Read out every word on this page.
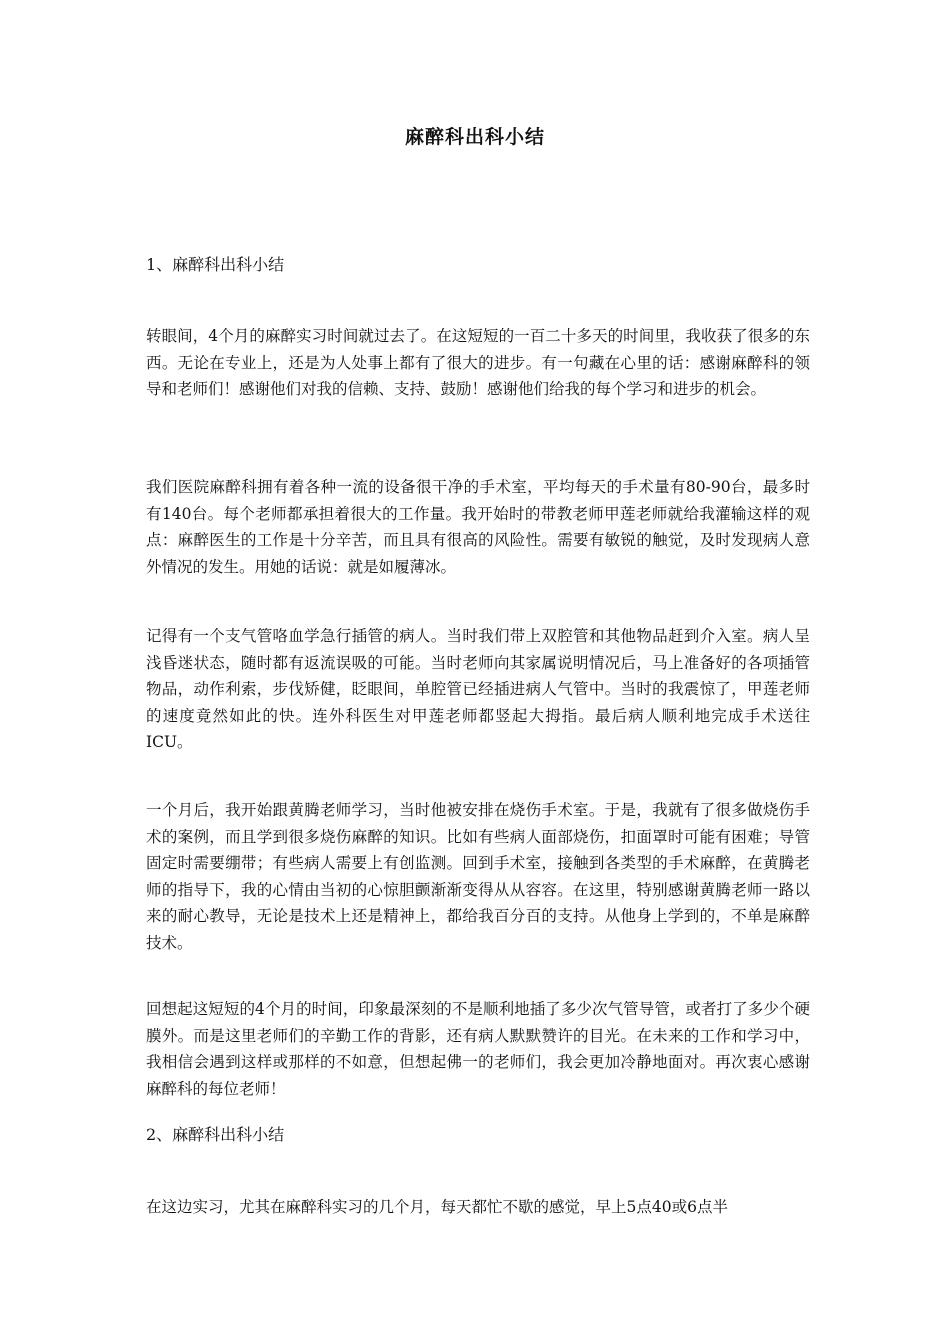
麻醉科出科小结
1、麻醉科出科小结

转眼间，4个月的麻醉实习时间就过去了。在这短短的一百二十多天的时间里，我收获了很多的东西。无论在专业上，还是为人处事上都有了很大的进步。有一句藏在心里的话：感谢麻醉科的领导和老师们！感谢他们对我的信赖、支持、鼓励！感谢他们给我的每个学习和进步的机会。

我们医院麻醉科拥有着各种一流的设备很干净的手术室，平均每天的手术量有80-90台，最多时有140台。每个老师都承担着很大的工作量。我开始时的带教老师甲莲老师就给我灌输这样的观点：麻醉医生的工作是十分辛苦，而且具有很高的风险性。需要有敏锐的触觉，及时发现病人意外情况的发生。用她的话说：就是如履薄冰。

记得有一个支气管咯血学急行插管的病人。当时我们带上双腔管和其他物品赶到介入室。病人呈浅昏迷状态，随时都有返流误吸的可能。当时老师向其家属说明情况后，马上准备好的各项插管物品，动作利索，步伐矫健，眨眼间，单腔管已经插进病人气管中。当时的我震惊了，甲莲老师的速度竟然如此的快。连外科医生对甲莲老师都竖起大拇指。最后病人顺利地完成手术送往ICU。

一个月后，我开始跟黄腾老师学习，当时他被安排在烧伤手术室。于是，我就有了很多做烧伤手术的案例，而且学到很多烧伤麻醉的知识。比如有些病人面部烧伤，扣面罩时可能有困难；导管固定时需要绷带；有些病人需要上有创监测。回到手术室，接触到各类型的手术麻醉，在黄腾老师的指导下，我的心情由当初的心惊胆颤渐渐变得从从容容。在这里，特别感谢黄腾老师一路以来的耐心教导，无论是技术上还是精神上，都给我百分百的支持。从他身上学到的，不单是麻醉技术。

回想起这短短的4个月的时间，印象最深刻的不是顺利地插了多少次气管导管，或者打了多少个硬膜外。而是这里老师们的辛勤工作的背影，还有病人默默赞许的目光。在未来的工作和学习中，我相信会遇到这样或那样的不如意，但想起佛一的老师们，我会更加冷静地面对。再次衷心感谢麻醉科的每位老师！

2、麻醉科出科小结

在这边实习，尤其在麻醉科实习的几个月，每天都忙不歇的感觉，早上5点40或6点半
